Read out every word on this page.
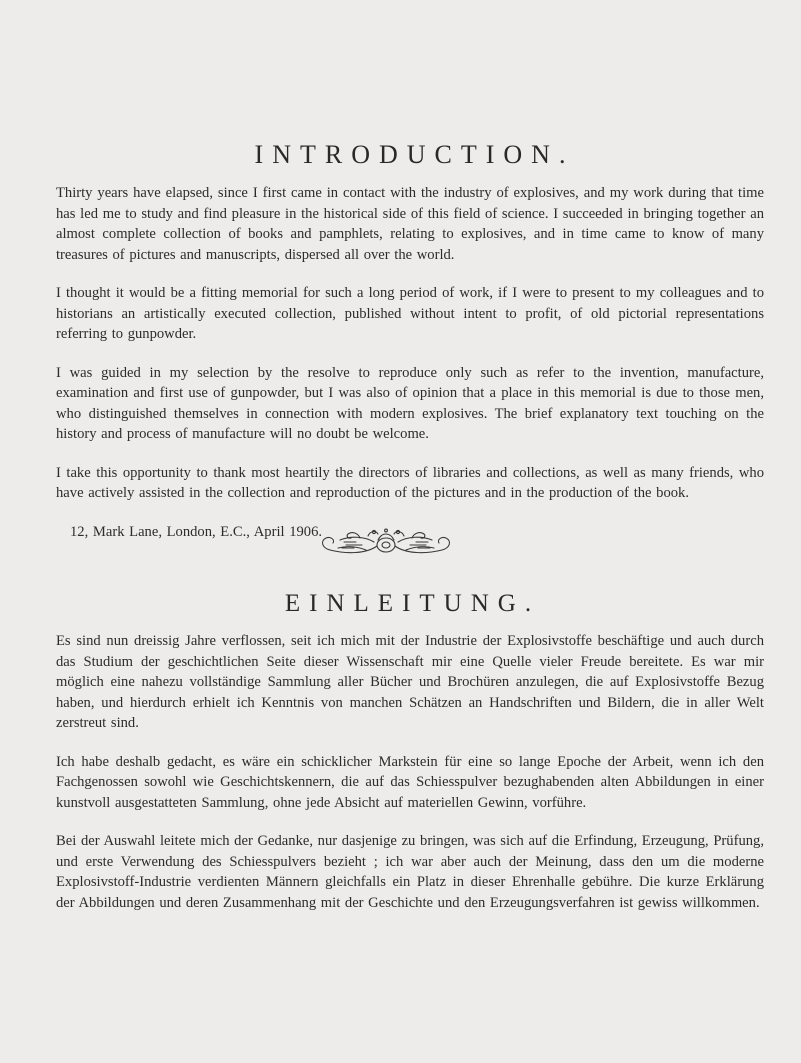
INTRODUCTION.

Thirty years have elapsed, since I first came in contact with the industry of explosives, and my work during that time has led me to study and find pleasure in the historical side of this field of science. I succeeded in bringing together an almost complete collection of books and pamphlets, relating to explosives, and in time came to know of many treasures of pictures and manuscripts, dispersed all over the world.

I thought it would be a fitting memorial for such a long period of work, if I were to present to my colleagues and to historians an artistically executed collection, published without intent to profit, of old pictorial representations referring to gunpowder.

I was guided in my selection by the resolve to reproduce only such as refer to the invention, manufacture, examination and first use of gunpowder, but I was also of opinion that a place in this memorial is due to those men, who distinguished themselves in connection with modern explosives. The brief explanatory text touching on the history and process of manufacture will no doubt be welcome.

I take this opportunity to thank most heartily the directors of libraries and collections, as well as many friends, who have actively assisted in the collection and reproduction of the pictures and in the production of the book.

12, Mark Lane, London, E.C., April 1906.

EINLEITUNG.

Es sind nun dreissig Jahre verflossen, seit ich mich mit der Industrie der Explosivstoffe beschäftige und auch durch das Studium der geschichtlichen Seite dieser Wissenschaft mir eine Quelle vieler Freude bereitete. Es war mir möglich eine nahezu vollständige Sammlung aller Bücher und Brochüren anzulegen, die auf Explosivstoffe Bezug haben, und hierdurch erhielt ich Kenntnis von manchen Schätzen an Handschriften und Bildern, die in aller Welt zerstreut sind.

Ich habe deshalb gedacht, es wäre ein schicklicher Markstein für eine so lange Epoche der Arbeit, wenn ich den Fachgenossen sowohl wie Geschichtskennern, die auf das Schiesspulver bezughabenden alten Abbildungen in einer kunstvoll ausgestatteten Sammlung, ohne jede Absicht auf materiellen Gewinn, vorführe.

Bei der Auswahl leitete mich der Gedanke, nur dasjenige zu bringen, was sich auf die Erfindung, Erzeugung, Prüfung, und erste Verwendung des Schiesspulvers bezieht ; ich war aber auch der Meinung, dass den um die moderne Explosivstoff-Industrie verdienten Männern gleichfalls ein Platz in dieser Ehrenhalle gebühre. Die kurze Erklärung der Abbildungen und deren Zusammenhang mit der Geschichte und den Erzeugungsverfahren ist gewiss willkommen.
